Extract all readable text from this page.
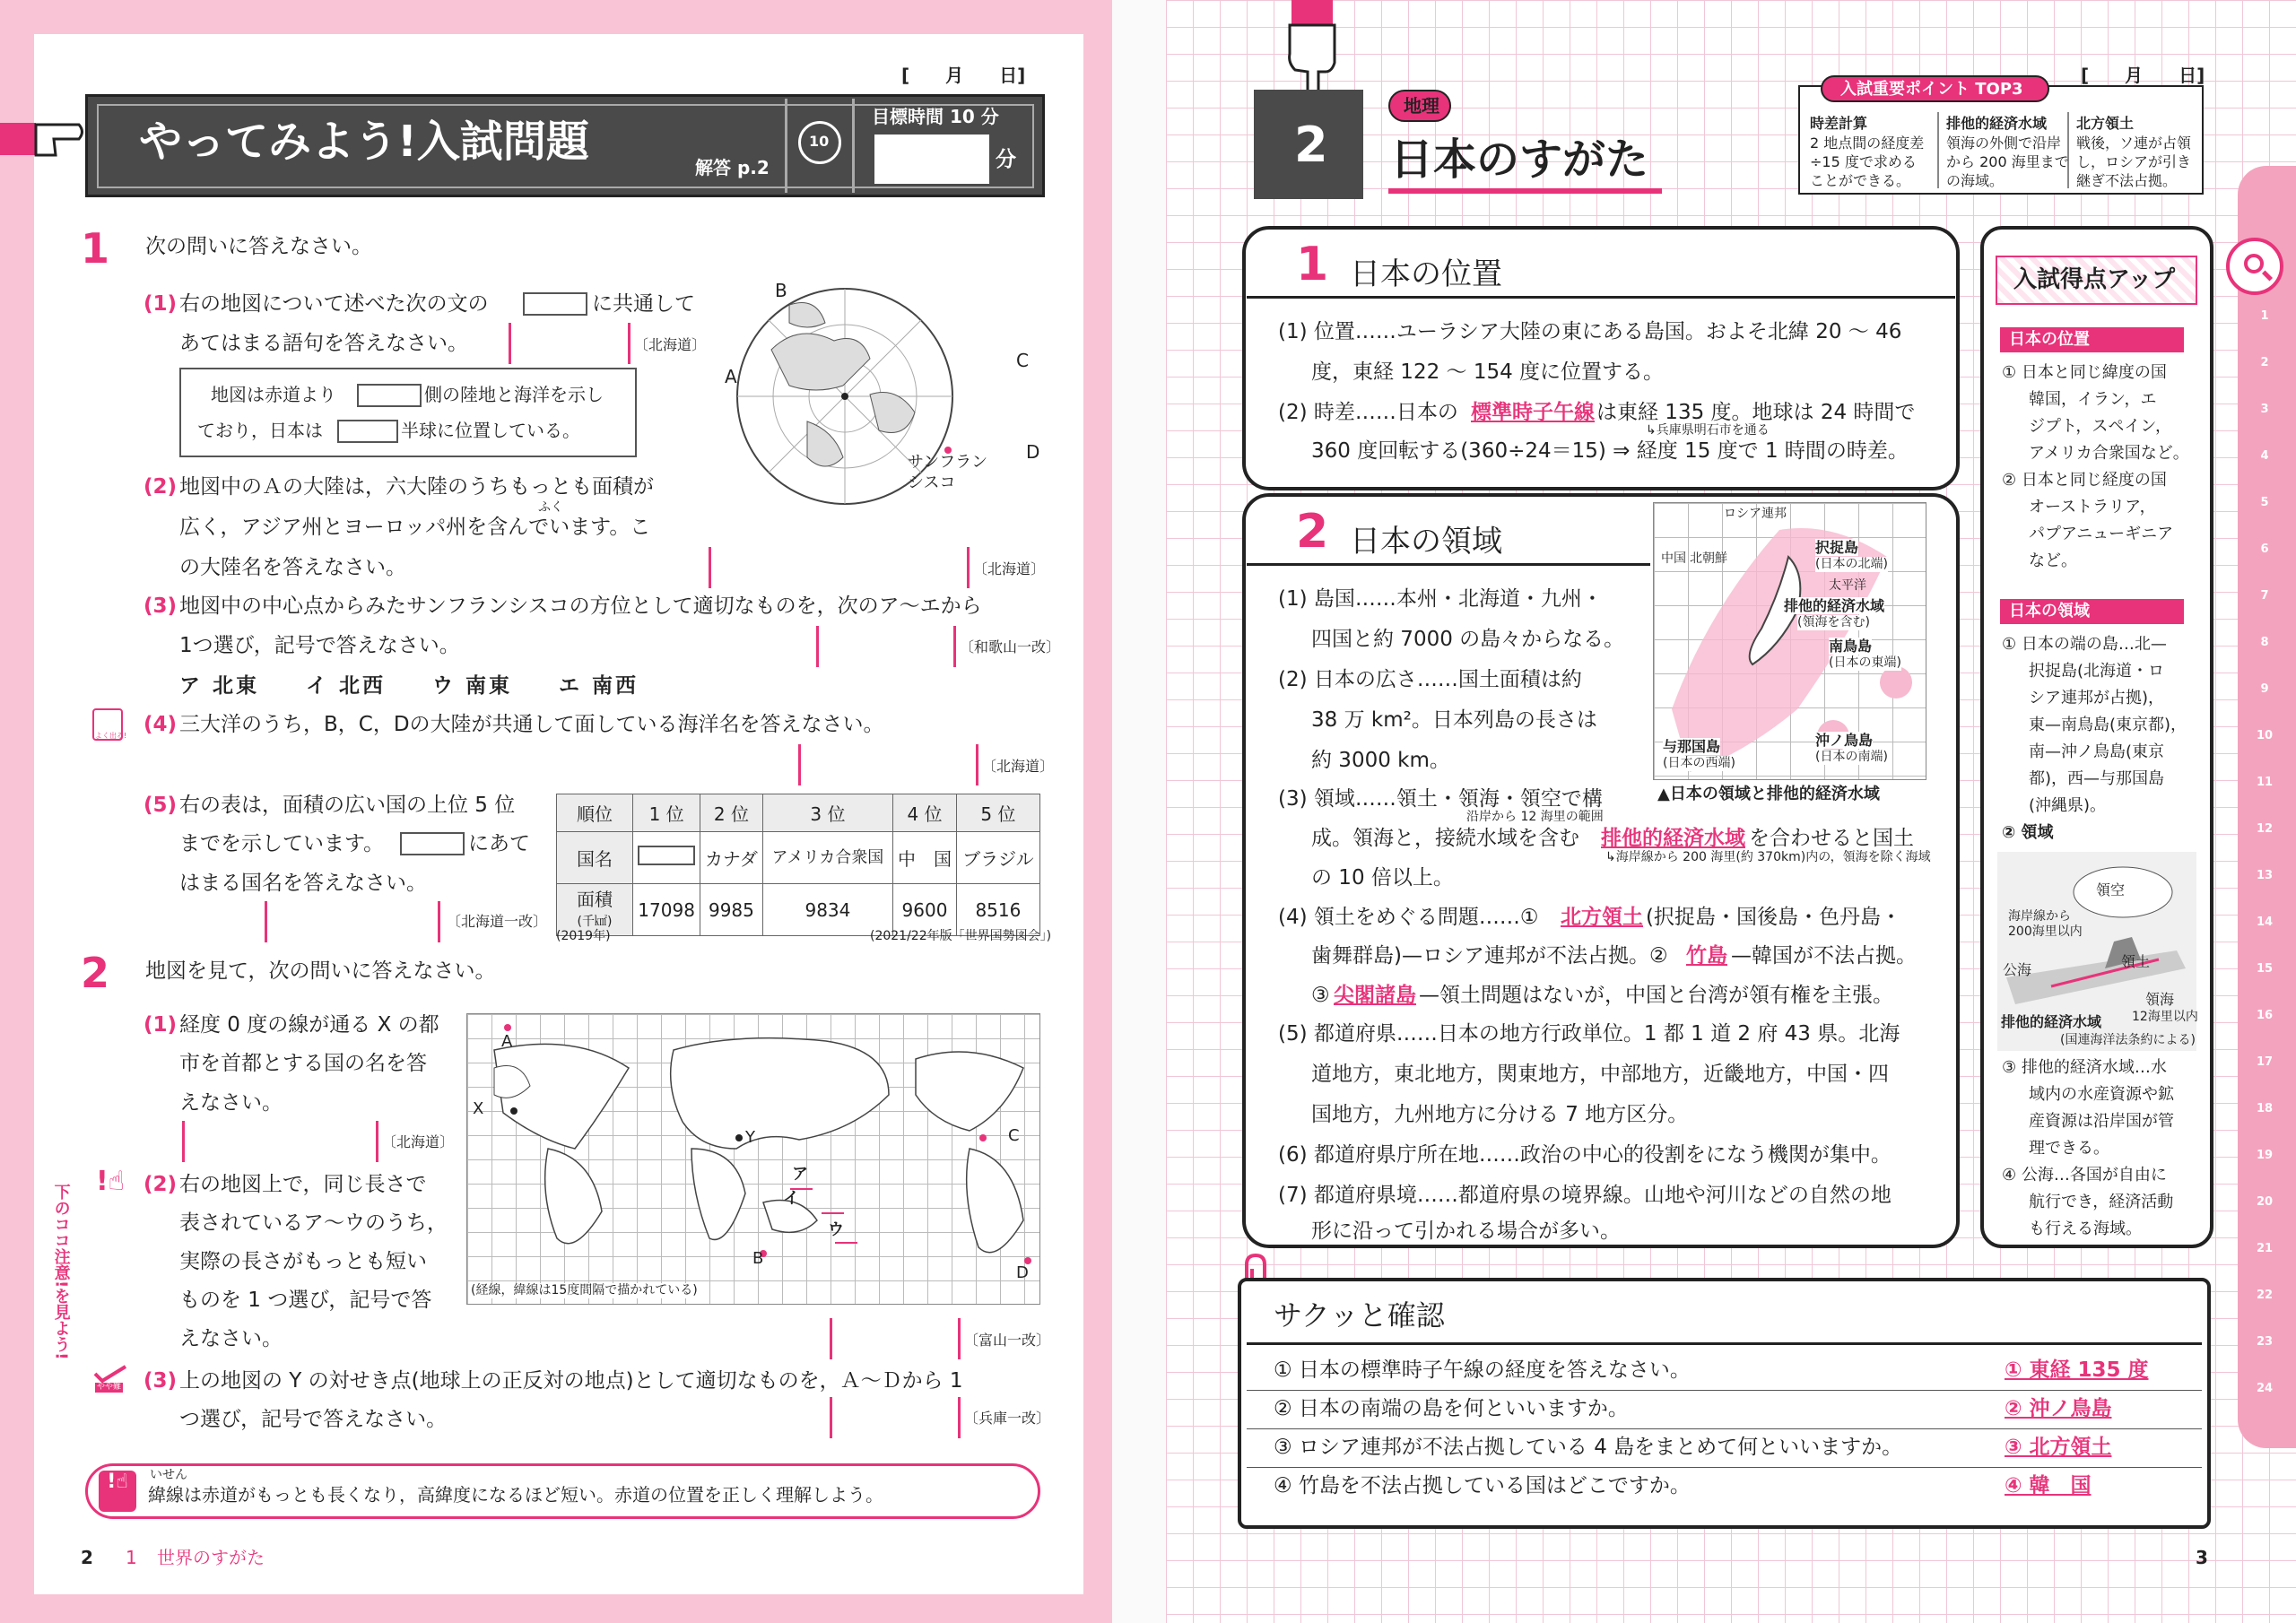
[　　月　　日]
やってみよう!入試問題
解答 p.2
10
目標時間 10 分
分
1 次の問いに答えなさい。
(1) 右の地図について述べた次の文の	に共通して
あてはまる語句を答えなさい。	〔北海道〕
地図は赤道より	側の陸地と海洋を示し
ており，日本は	半球に位置している。
B
A
C
D
サンフラン
シスコ
(2) 地図中のＡの大陸は，六大陸のうちもっとも面積が
ふく
広く，アジア州とヨーロッパ州を含んでいます。こ
の大陸名を答えなさい。	〔北海道〕
(3) 地図中の中心点からみたサンフランシスコの方位として適切なものを，次のア〜エから
1つ選び，記号で答えなさい。	〔和歌山一改〕
ア 北東　　イ 北西　　ウ 南東　　エ 南西
よく出る! (4) 三大洋のうち，B，C，Dの大陸が共通して面している海洋名を答えなさい。
〔北海道〕
(5) 右の表は，面積の広い国の上位 5 位
までを示しています。	にあて
はまる国名を答えなさい。
〔北海道一改〕
順位	1 位	2 位	3 位	4 位	5 位
国名		カナダ	アメリカ合衆国	中　国	ブラジル
面積
(千㎢)	17098	9985	9834	9600	8516
(2019年)	(2021/22年版「世界国勢図会」)
2 地図を見て，次の問いに答えなさい。
(1) 経度 0 度の線が通る X の都
市を首都とする国の名を答
えなさい。
〔北海道〕
A
B
C
D
X
Y
ア
イ
ウ
(経線，緯線は15度間隔で描かれている)
下のココ注意!を見よう!
!☝ (2) 右の地図上で，同じ長さで
表されているア〜ウのうち，
実際の長さがもっとも短い
ものを 1 つ選び，記号で答
えなさい。	〔富山一改〕
やや難 (3) 上の地図の Y の対せき点(地球上の正反対の地点)として適切なものを，Ａ〜Ｄから 1
つ選び，記号で答えなさい。	〔兵庫一改〕
!☝	いせん
緯線は赤道がもっとも長くなり，高緯度になるほど短い。赤道の位置を正しく理解しよう。
2 1 世界のすがた
2
地理
日本のすがた
入試重要ポイント TOP3
[　　月　　日]
時差計算
2 地点間の経度差
÷15 度で求める
ことができる。
排他的経済水域
領海の外側で沿岸
から 200 海里まで
の海域。
北方領土
戦後，ソ連が占領
し，ロシアが引き
継ぎ不法占拠。
1 日本の位置
(1) 位置……ユーラシア大陸の東にある島国。およそ北緯 20 〜 46
度，東経 122 〜 154 度に位置する。
(2) 時差……日本の 標準時子午線 は東経 135 度。地球は 24 時間で
↳兵庫県明石市を通る
360 度回転する(360÷24＝15) ⇒ 経度 15 度で 1 時間の時差。
2 日本の領域
ロシア連邦
中国 北朝鮮
択捉島
(日本の北端)
太平洋
排他的経済水域
(領海を含む)
南鳥島
(日本の東端)
沖ノ鳥島
(日本の南端)
与那国島
(日本の西端)
▲日本の領域と排他的経済水域
(1) 島国……本州・北海道・九州・
四国と約 7000 の島々からなる。
(2) 日本の広さ……国土面積は約
38 万 km²。日本列島の長さは
約 3000 km。
(3) 領域……領土・領海・領空で構
沿岸から 12 海里の範囲
成。領海と，接続水域を含む 排他的経済水域 を合わせると国土
↳海岸線から 200 海里(約 370km)内の，領海を除く海域
の 10 倍以上。
(4) 領土をめぐる問題……① 北方領土 (択捉島・国後島・色丹島・
歯舞群島)—ロシア連邦が不法占拠。② 竹島 —韓国が不法占拠。
③ 尖閣諸島 —領土問題はないが，中国と台湾が領有権を主張。
(5) 都道府県……日本の地方行政単位。1 都 1 道 2 府 43 県。北海
道地方，東北地方，関東地方，中部地方，近畿地方，中国・四
国地方，九州地方に分ける 7 地方区分。
(6) 都道府県庁所在地……政治の中心的役割をになう機関が集中。
(7) 都道府県境……都道府県の境界線。山地や河川などの自然の地
形に沿って引かれる場合が多い。
入試得点アップ
日本の位置
① 日本と同じ緯度の国
韓国，イラン，エ
ジプト，スペイン，
アメリカ合衆国など。
② 日本と同じ経度の国
オーストラリア，
パプアニューギニア
など。
日本の領域
① 日本の端の島…北—
択捉島(北海道・ロ
シア連邦が占拠)，
東—南鳥島(東京都)，
南—沖ノ鳥島(東京
都)，西—与那国島
(沖縄県)。
② 領域
領空
海岸線から200海里以内
公海	領土
領海
12海里以内
排他的経済水域
(国連海洋法条約による)
③ 排他的経済水域…水
域内の水産資源や鉱
産資源は沿岸国が管
理できる。
④ 公海…各国が自由に
航行でき，経済活動
も行える海域。
サクッと確認
① 日本の標準時子午線の経度を答えなさい。	① 東経 135 度
② 日本の南端の島を何といいますか。	② 沖ノ鳥島
③ ロシア連邦が不法占拠している 4 島をまとめて何といいますか。	③ 北方領土
④ 竹島を不法占拠している国はどこですか。	④ 韓　国
3
1
2
3
4
5
6
7
8
9
10
11
12
13
14
15
16
17
18
19
20
21
22
23
24
